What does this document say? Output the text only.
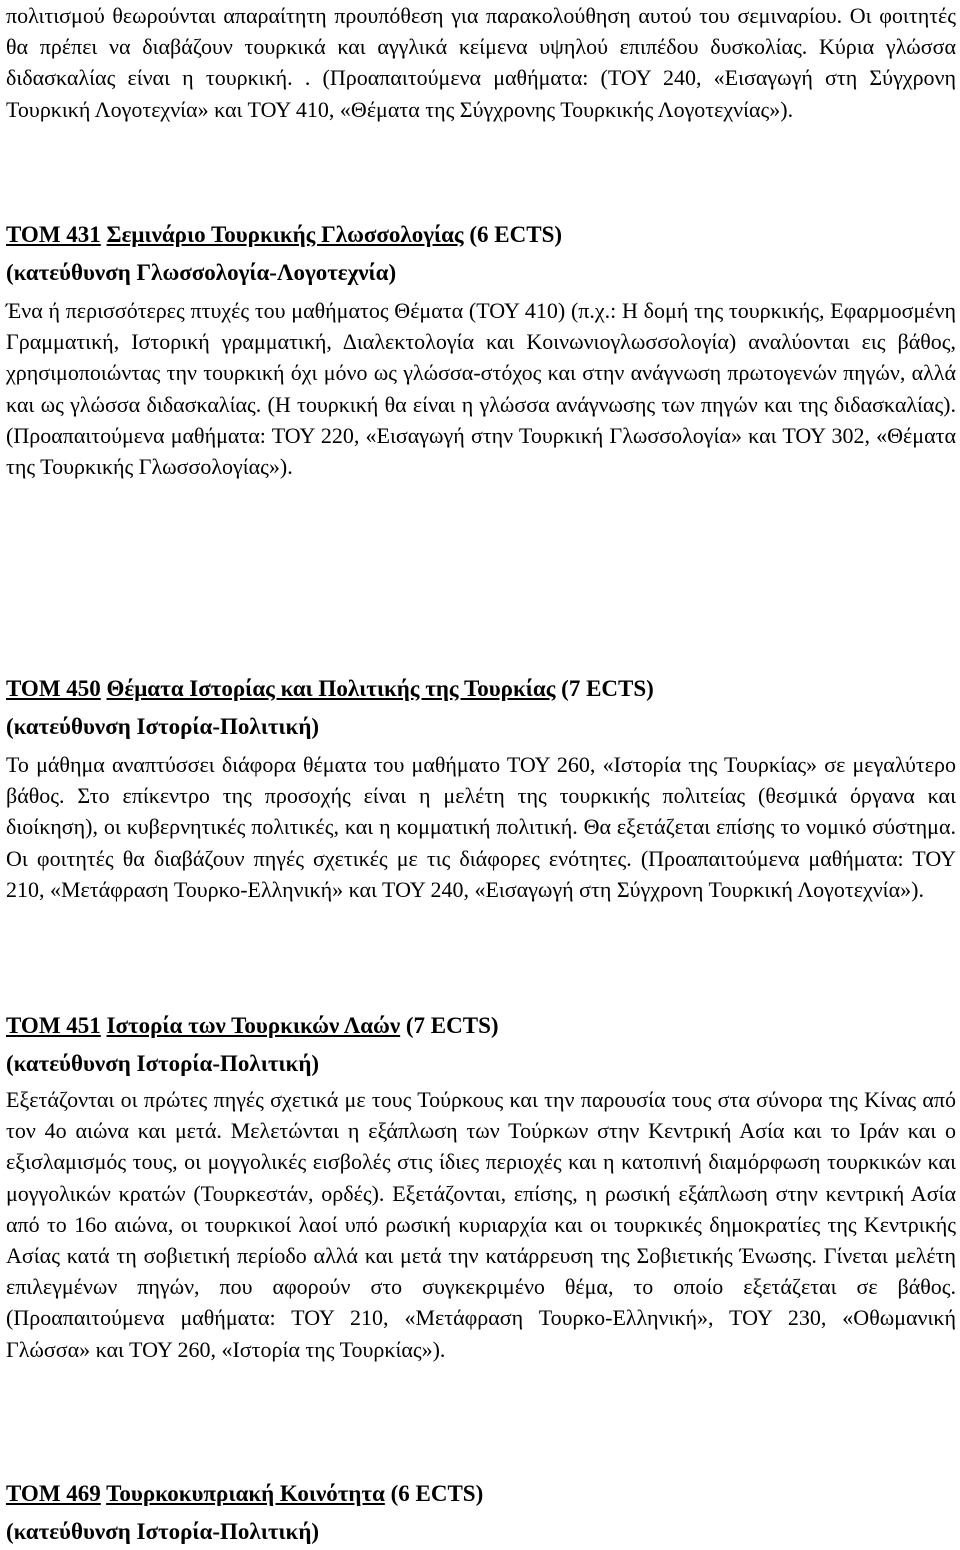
πολιτισμού θεωρούνται απαραίτητη προυπόθεση για παρακολούθηση αυτού του σεμιναρίου. Οι φοιτητές θα πρέπει να διαβάζουν τουρκικά και αγγλικά κείμενα υψηλού επιπέδου δυσκολίας. Κύρια γλώσσα διδασκαλίας είναι η τουρκική. . (Προαπαιτούμενα μαθήματα: (ΤΟΥ 240, «Εισαγωγή στη Σύγχρονη Τουρκική Λογοτεχνία» και ΤΟΥ 410, «Θέματα της Σύγχρονης Τουρκικής Λογοτεχνίας»).

ΤΟΜ 431 Σεμινάριο Τουρκικής Γλωσσολογίας (6 ECTS)
(κατεύθυνση Γλωσσολογία-Λογοτεχνία)

Ένα ή περισσότερες πτυχές του μαθήματος Θέματα (ΤΟΥ 410) (π.χ.: Η δομή της τουρκικής, Εφαρμοσμένη Γραμματική, Ιστορική γραμματική, Διαλεκτολογία και Κοινωνιογλωσσολογία) αναλύονται εις βάθος, χρησιμοποιώντας την τουρκική όχι μόνο ως γλώσσα-στόχος και στην ανάγνωση πρωτογενών πηγών, αλλά και ως γλώσσα διδασκαλίας. (Η τουρκική θα είναι η γλώσσα ανάγνωσης των πηγών και της διδασκαλίας). (Προαπαιτούμενα μαθήματα: ΤΟΥ 220, «Εισαγωγή στην Τουρκική Γλωσσολογία» και ΤΟΥ 302, «Θέματα της Τουρκικής Γλωσσολογίας»).

ΤΟΜ 450 Θέματα Ιστορίας και Πολιτικής της Τουρκίας (7 ECTS)
(κατεύθυνση Ιστορία-Πολιτική)

Το μάθημα αναπτύσσει διάφορα θέματα του μαθήματο ΤΟΥ 260, «Ιστορία της Τουρκίας» σε μεγαλύτερο βάθος. Στο επίκεντρο της προσοχής είναι η μελέτη της τουρκικής πολιτείας (θεσμικά όργανα και διοίκηση), οι κυβερνητικές πολιτικές, και η κομματική πολιτική. Θα εξετάζεται επίσης το νομικό σύστημα. Οι φοιτητές θα διαβάζουν πηγές σχετικές με τις διάφορες ενότητες. (Προαπαιτούμενα μαθήματα: ΤΟΥ 210, «Μετάφραση Τουρκο-Ελληνική» και ΤΟΥ 240, «Εισαγωγή στη Σύγχρονη Τουρκική Λογοτεχνία»).

ΤΟΜ 451 Ιστορία των Τουρκικών Λαών (7 ECTS)
(κατεύθυνση Ιστορία-Πολιτική)

Εξετάζονται οι πρώτες πηγές σχετικά με τους Τούρκους και την παρουσία τους στα σύνορα της Κίνας από τον 4ο αιώνα και μετά. Μελετώνται η εξάπλωση των Τούρκων στην Κεντρική Ασία και το Ιράν και ο εξισλαμισμός τους, οι μογγολικές εισβολές στις ίδιες περιοχές και η κατοπινή διαμόρφωση τουρκικών και μογγολικών κρατών (Τουρκεστάν, ορδές). Εξετάζονται, επίσης, η ρωσική εξάπλωση στην κεντρική Ασία από το 16ο αιώνα, οι τουρκικοί λαοί υπό ρωσική κυριαρχία και οι τουρκικές δημοκρατίες της Κεντρικής Ασίας κατά τη σοβιετική περίοδο αλλά και μετά την κατάρρευση της Σοβιετικής Ένωσης. Γίνεται μελέτη επιλεγμένων πηγών, που αφορούν στο συγκεκριμένο θέμα, το οποίο εξετάζεται σε βάθος. (Προαπαιτούμενα μαθήματα: ΤΟΥ 210, «Μετάφραση Τουρκο-Ελληνική», ΤΟΥ 230, «Οθωμανική Γλώσσα» και ΤΟΥ 260, «Ιστορία της Τουρκίας»).

ΤΟΜ 469 Τουρκοκυπριακή Κοινότητα (6 ECTS)
(κατεύθυνση Ιστορία-Πολιτική)
